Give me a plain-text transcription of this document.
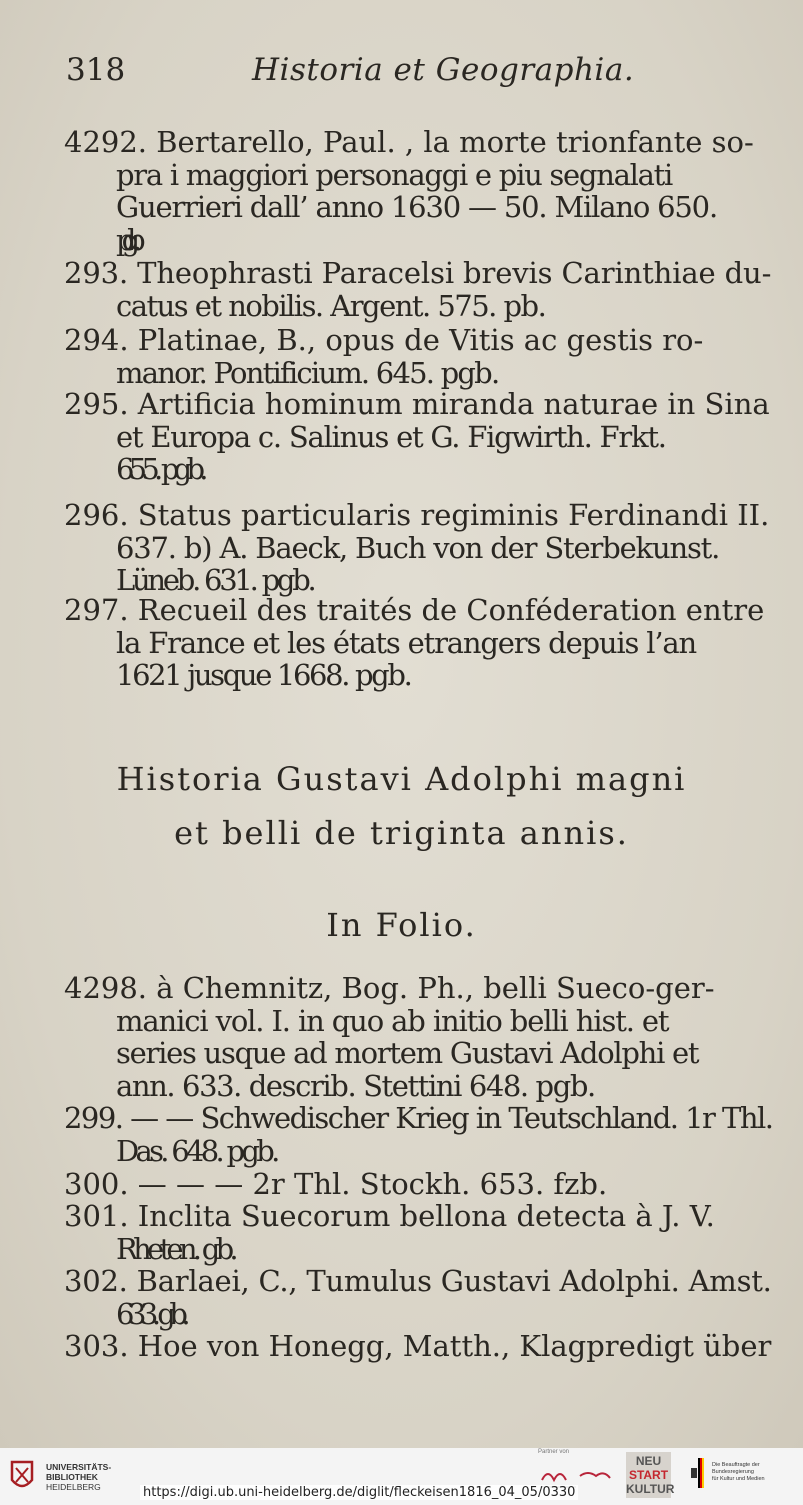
318	Historia et Geographia.
4292. Bertarello, Paul. , la morte trionfante so-
pra i maggiori personaggi e piu segnalati
Guerrieri dall’ anno 1630 — 50. Milano 650.
pgb.
293. Theophrasti Paracelsi brevis Carinthiae du-
catus et nobilis. Argent. 575. pb.
294. Platinae, B., opus de Vitis ac gestis ro-
manor. Pontificium. 645. pgb.
295. Artificia hominum miranda naturae in Sina
et Europa c. Salinus et G. Figwirth. Frkt.
655. pgb.
296. Status particularis regiminis Ferdinandi II.
637. b) A. Baeck, Buch von der Sterbekunst.
Lüneb. 631. pgb.
297. Recueil des traités de Conféderation entre
la France et les états etrangers depuis l’an
1621 jusque 1668. pgb.
Historia Gustavi Adolphi magni
et belli de triginta annis.
In Folio.
4298. à Chemnitz, Bog. Ph., belli Sueco-ger-
manici vol. I. in quo ab initio belli hist. et
series usque ad mortem Gustavi Adolphi et
ann. 633. describ. Stettini 648. pgb.
299. — — Schwedischer Krieg in Teutschland. 1r Thl.
Das. 648. pgb.
300. — — — 2r Thl. Stockh. 653. fzb.
301. Inclita Suecorum bellona detecta à J. V.
Rheten. gb.
302. Barlaei, C., Tumulus Gustavi Adolphi. Amst.
633. gb.
303. Hoe von Honegg, Matth., Klagpredigt über
UNIVERSITÄTS-
BIBLIOTHEK
HEIDELBERG
Partner von
NEU
START
KULTUR
Die Beauftragte der Bundesregierung
für Kultur und Medien
https://digi.ub.uni-heidelberg.de/diglit/fleckeisen1816_04_05/0330
